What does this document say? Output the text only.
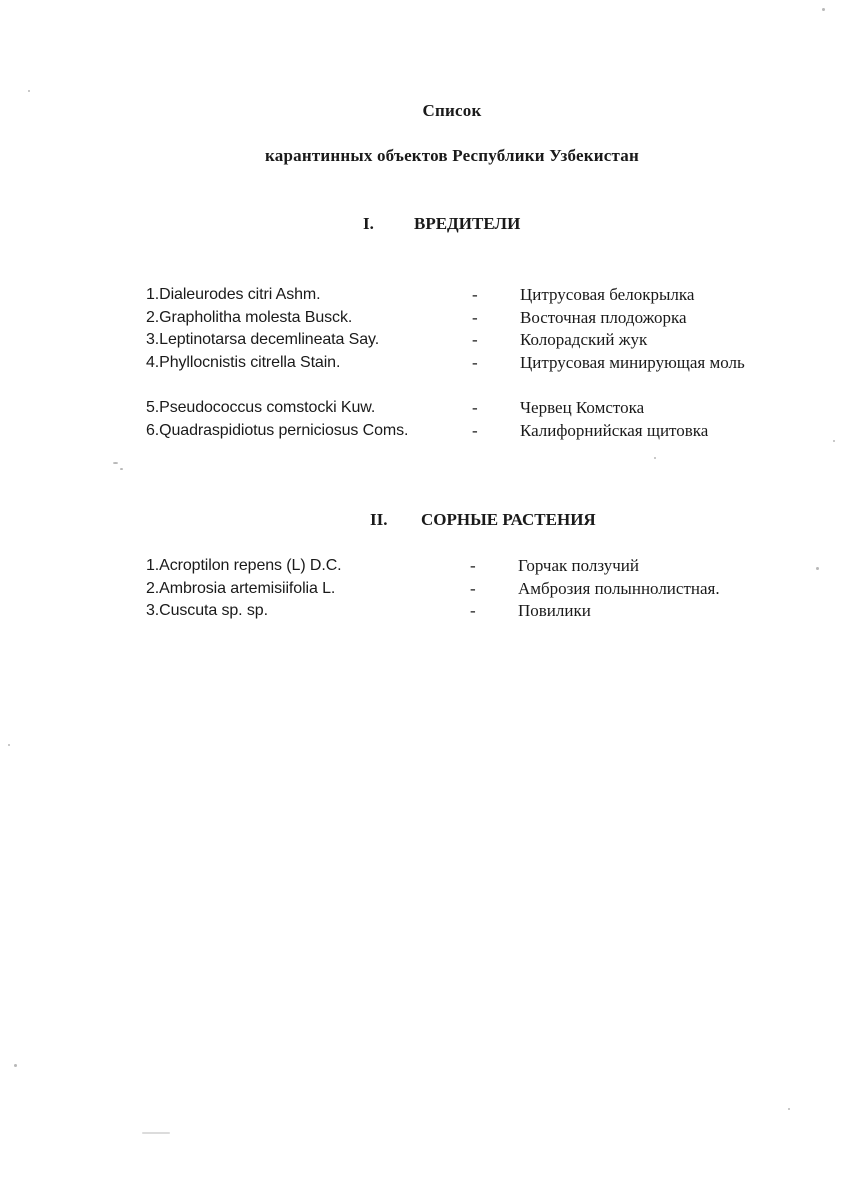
Список
карантинных объектов Республики Узбекистан
I. ВРЕДИТЕЛИ
1.Dialeurodes citri Ashm.	- Цитрусовая белокрылка
2.Grapholitha molesta Busck.	- Восточная плодожорка
3.Leptinotarsa decemlineata Say.	- Колорадский жук
4.Phyllocnistis citrella Stain.	- Цитрусовая минирующая моль
5.Pseudococcus comstocki Kuw.	- Червец Комстока
6.Quadraspidiotus perniciosus Coms.	- Калифорнийская щитовка
II. СОРНЫЕ РАСТЕНИЯ
1.Acroptilon repens (L) D.C.	- Горчак ползучий
2.Ambrosia artemisiifolia L.	- Амброзия полыннолистная.
3.Cuscuta sp. sp.	- Повилики
